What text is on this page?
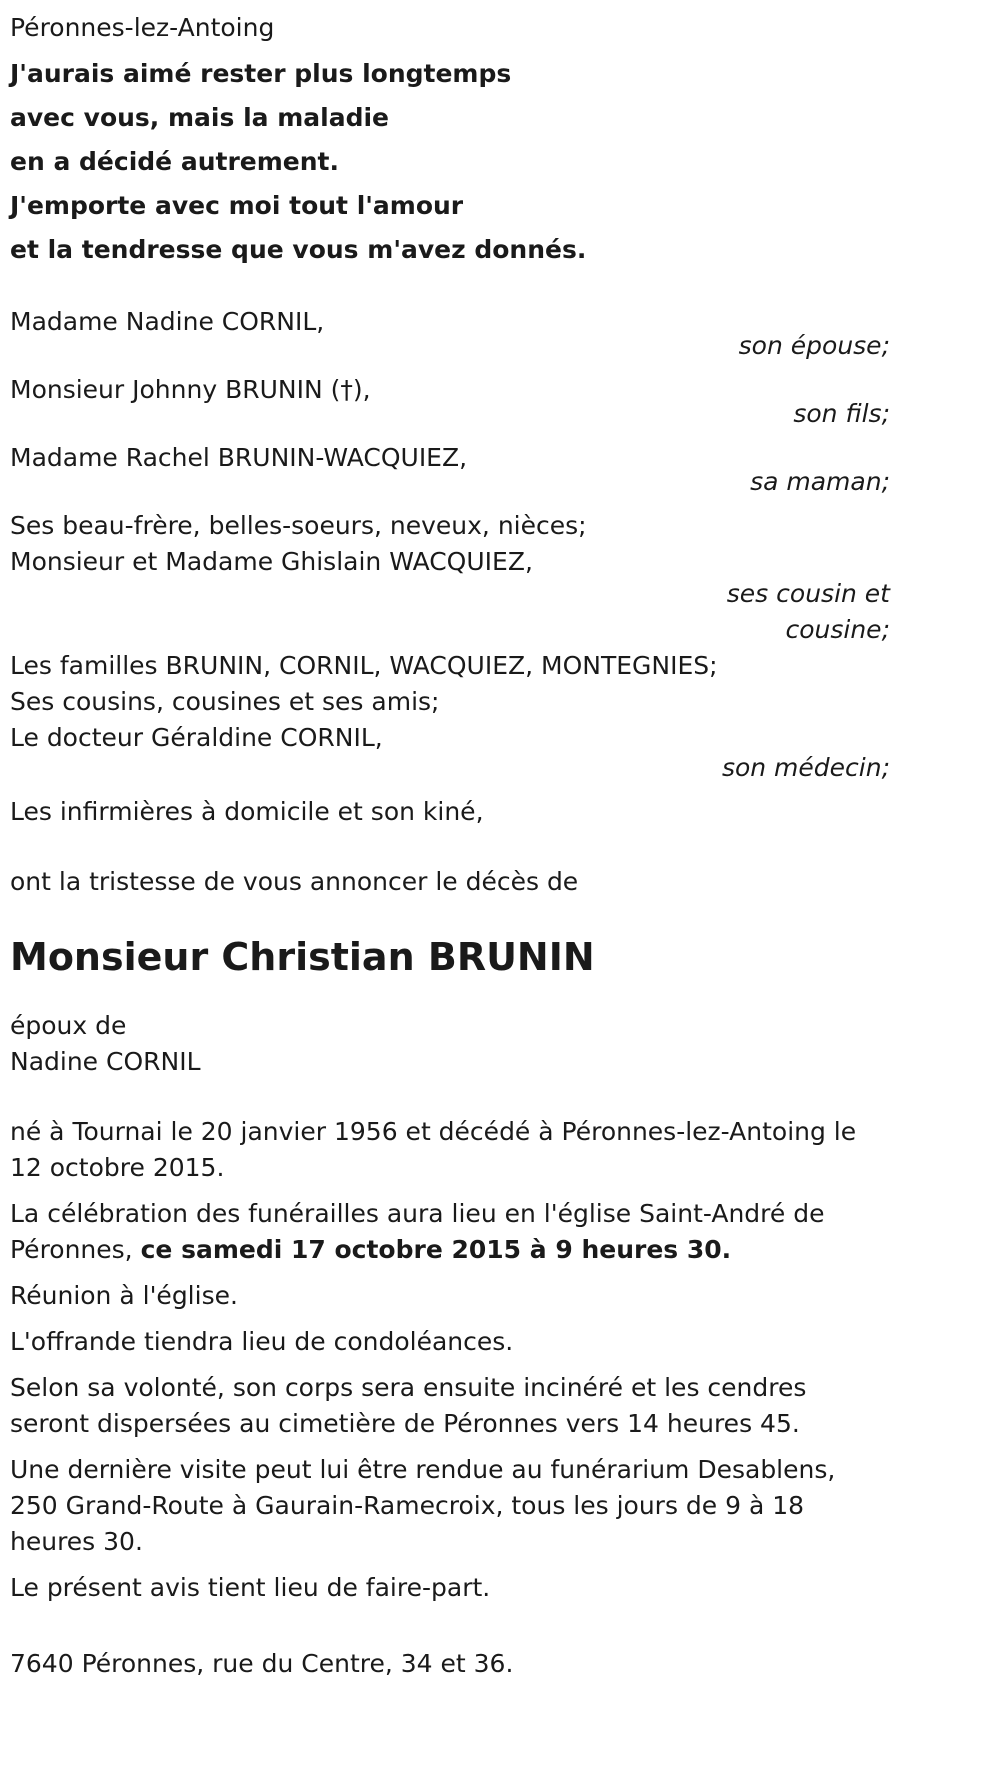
Péronnes-lez-Antoing
J'aurais aimé rester plus longtemps
avec vous, mais la maladie
en a décidé autrement.
J'emporte avec moi tout l'amour
et la tendresse que vous m'avez donnés.
Madame Nadine CORNIL,
son épouse;
Monsieur Johnny BRUNIN (†),
son fils;
Madame Rachel BRUNIN-WACQUIEZ,
sa maman;
Ses beau-frère, belles-soeurs, neveux, nièces;
Monsieur et Madame Ghislain WACQUIEZ,
ses cousin et
cousine;
Les familles BRUNIN, CORNIL, WACQUIEZ, MONTEGNIES;
Ses cousins, cousines et ses amis;
Le docteur Géraldine CORNIL,
son médecin;
Les infirmières à domicile et son kiné,
ont la tristesse de vous annoncer le décès de
Monsieur Christian BRUNIN
époux de
Nadine CORNIL
né à Tournai le 20 janvier 1956 et décédé à Péronnes-lez-Antoing le 12 octobre 2015.
La célébration des funérailles aura lieu en l'église Saint-André de Péronnes, ce samedi 17 octobre 2015 à 9 heures 30.
Réunion à l'église.
L'offrande tiendra lieu de condoléances.
Selon sa volonté, son corps sera ensuite incinéré et les cendres seront dispersées au cimetière de Péronnes vers 14 heures 45.
Une dernière visite peut lui être rendue au funérarium Desablens, 250 Grand-Route à Gaurain-Ramecroix, tous les jours de 9 à 18 heures 30.
Le présent avis tient lieu de faire-part.
7640 Péronnes, rue du Centre, 34 et 36.
